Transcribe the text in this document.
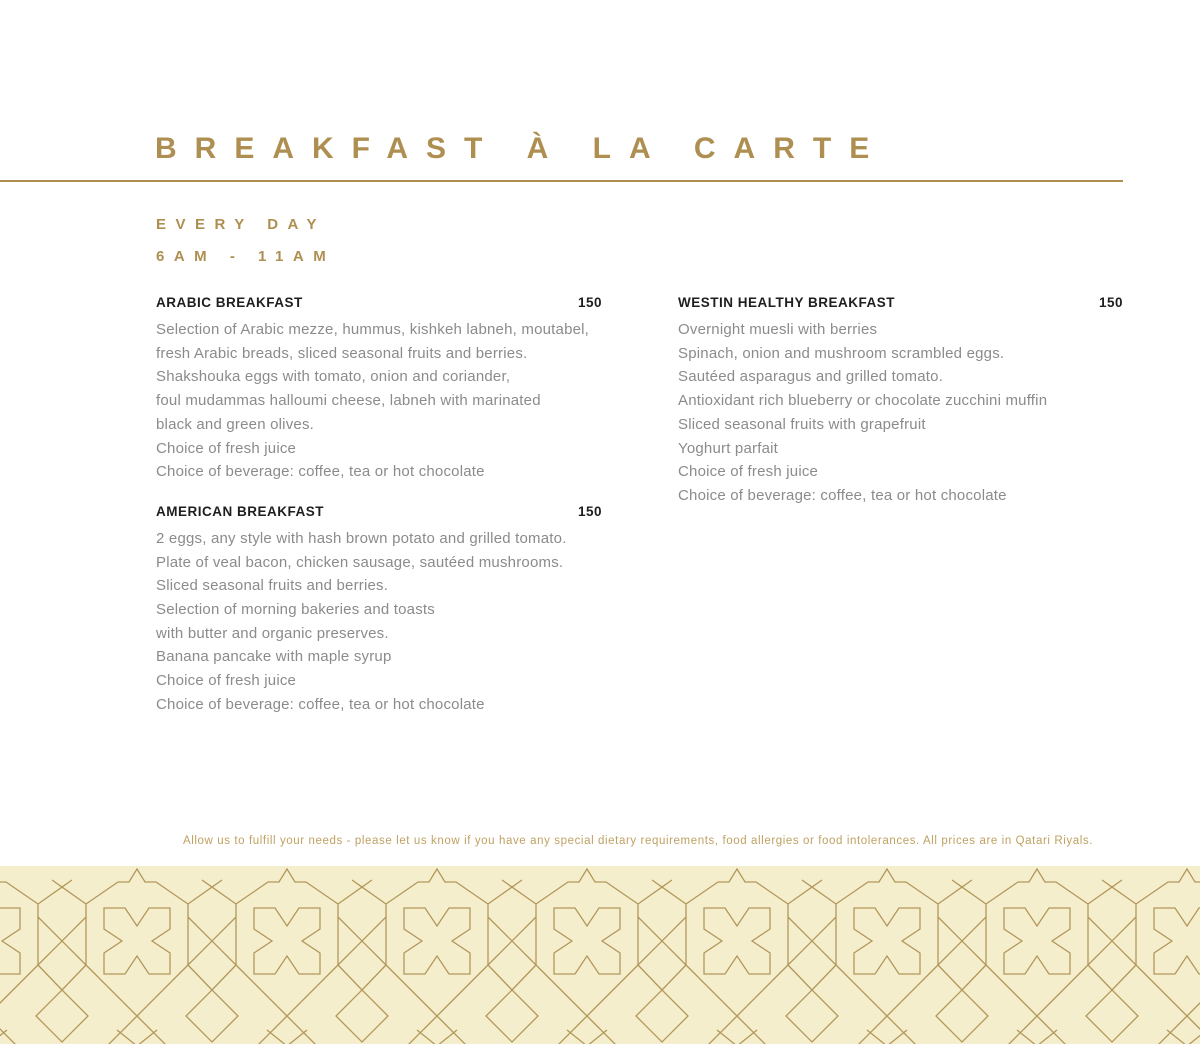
BREAKFAST À LA CARTE
EVERY DAY
6AM - 11AM
ARABIC BREAKFAST	150
Selection of Arabic mezze, hummus, kishkeh labneh, moutabel,
fresh Arabic breads, sliced seasonal fruits and berries.
Shakshouka eggs with tomato, onion and coriander,
foul mudammas halloumi cheese, labneh with marinated
black and green olives.
Choice of fresh juice
Choice of beverage: coffee, tea or hot chocolate
AMERICAN BREAKFAST	150
2 eggs, any style with hash brown potato and grilled tomato.
Plate of veal bacon, chicken sausage, sautéed mushrooms.
Sliced seasonal fruits and berries.
Selection of morning bakeries and toasts
with butter and organic preserves.
Banana pancake with maple syrup
Choice of fresh juice
Choice of beverage: coffee, tea or hot chocolate
WESTIN HEALTHY BREAKFAST	150
Overnight muesli with berries
Spinach, onion and mushroom scrambled eggs.
Sautéed asparagus and grilled tomato.
Antioxidant rich blueberry or chocolate zucchini muffin
Sliced seasonal fruits with grapefruit
Yoghurt parfait
Choice of fresh juice
Choice of beverage: coffee, tea or hot chocolate
Allow us to fulfill your needs - please let us know if you have any special dietary requirements, food allergies or food intolerances. All prices are in Qatari Riyals.
